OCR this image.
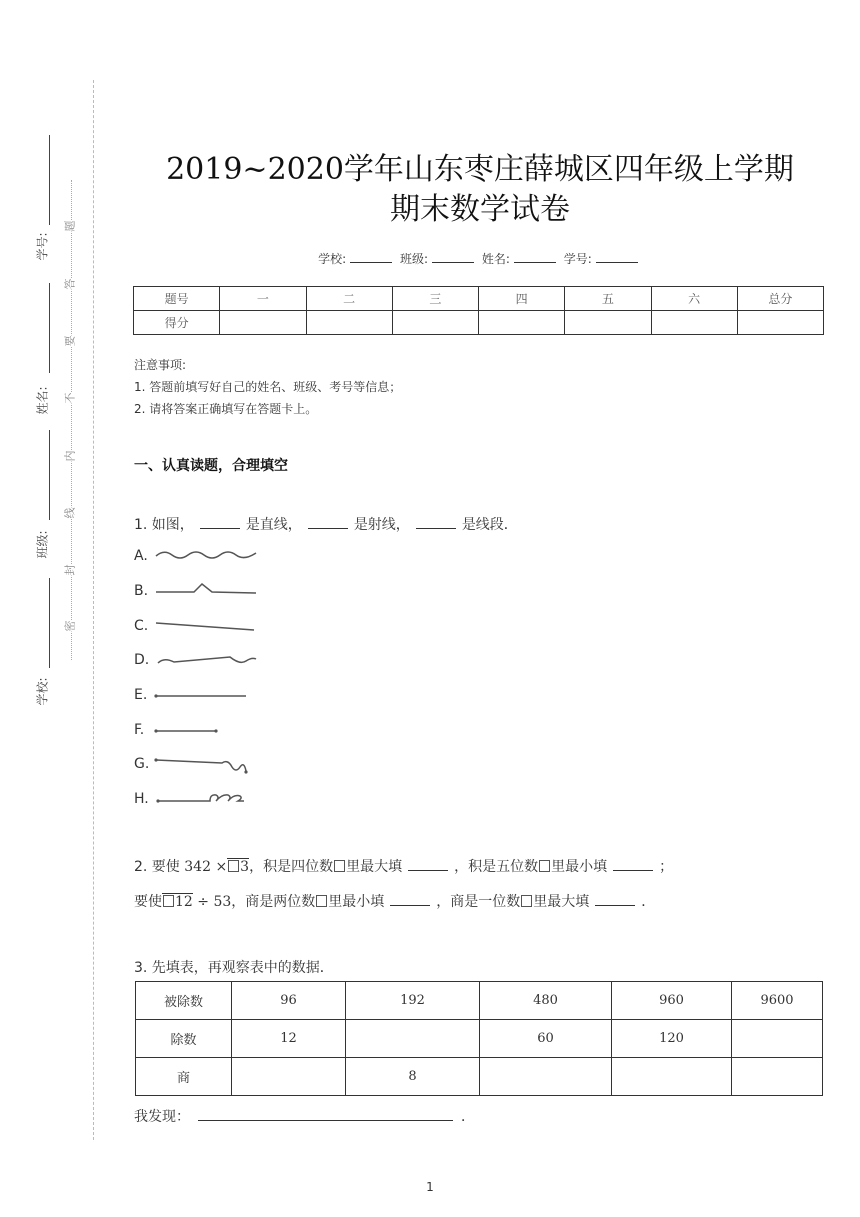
学号:
姓名:
班级:
学校:
题
答
要
不
内
线
封
密
2019~2020学年山东枣庄薛城区四年级上学期
期末数学试卷
学校:	班级:	姓名:	学号:
题号	一	二	三	四	五	六	总分
得分							
注意事项:
1. 答题前填写好自己的姓名、班级、考号等信息；
2. 请将答案正确填写在答题卡上。
一、认真读题，合理填空
1. 如图，	是直线，	是射线，	是线段．
A.
B.
C.
D.
E.
F.
G.
H.
2. 要使 342 × 3，积是四位数 里最大填	，积是五位数 里最小填	；
要使 12 ÷ 53，商是两位数 里最小填	，商是一位数 里最大填	．
3. 先填表，再观察表中的数据．
被除数	96	192	480	960	9600
除数	12		60	120	
商		8			
我发现：	．
1
